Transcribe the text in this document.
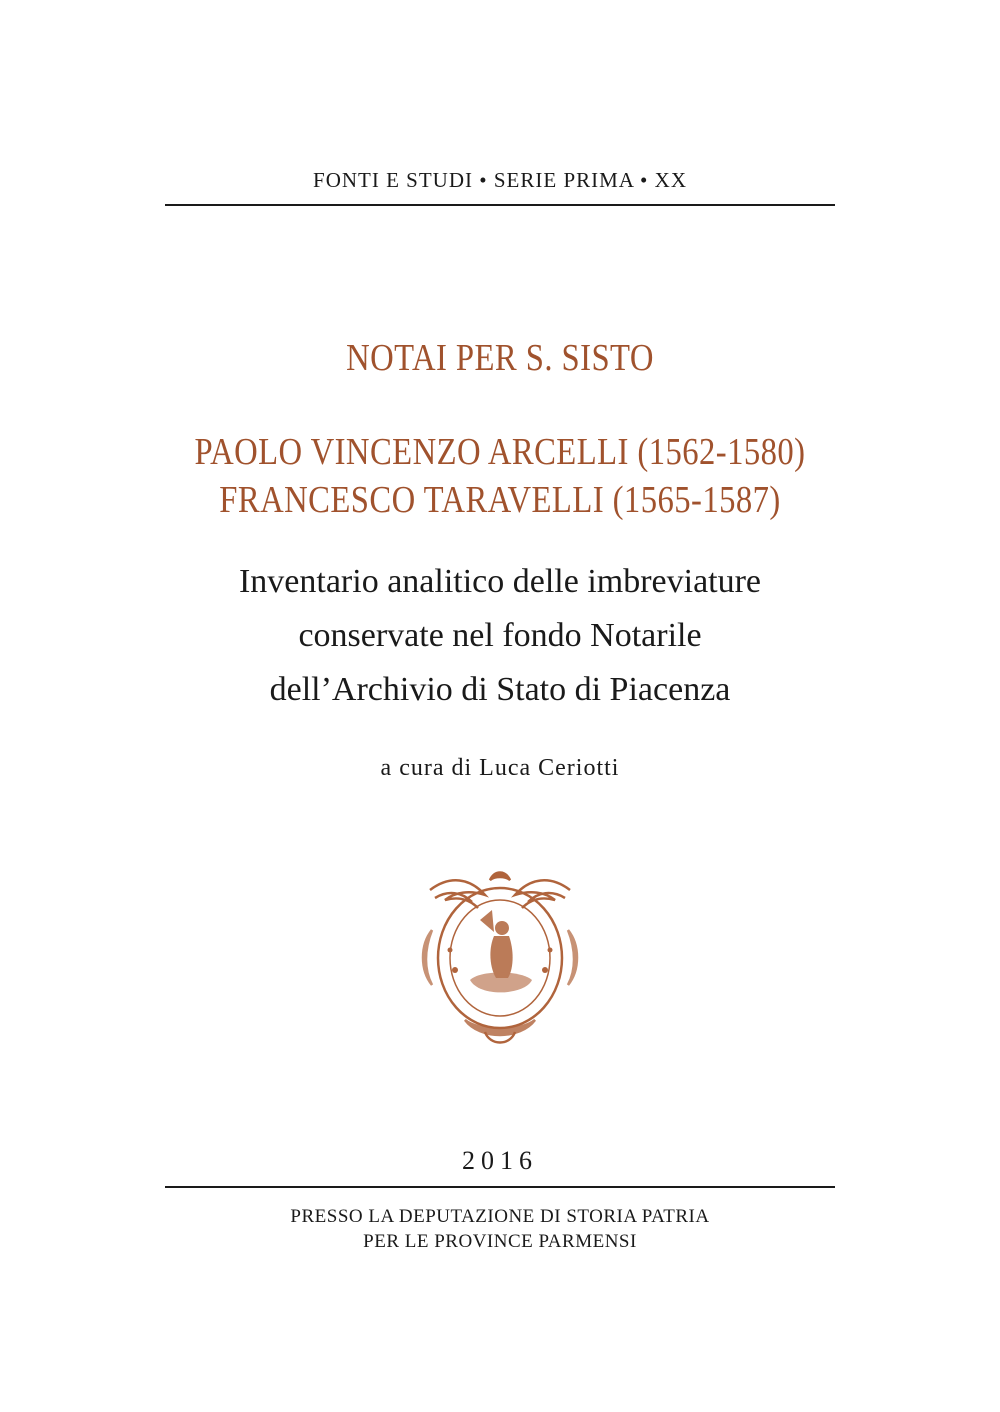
FONTI E STUDI • SERIE PRIMA • XX
NOTAI PER S. SISTO
PAOLO VINCENZO ARCELLI (1562-1580)
FRANCESCO TARAVELLI (1565-1587)
Inventario analitico delle imbreviature
conservate nel fondo Notarile
dell’Archivio di Stato di Piacenza
a cura di Luca Ceriotti
2016
PRESSO LA DEPUTAZIONE DI STORIA PATRIA
PER LE PROVINCE PARMENSI
